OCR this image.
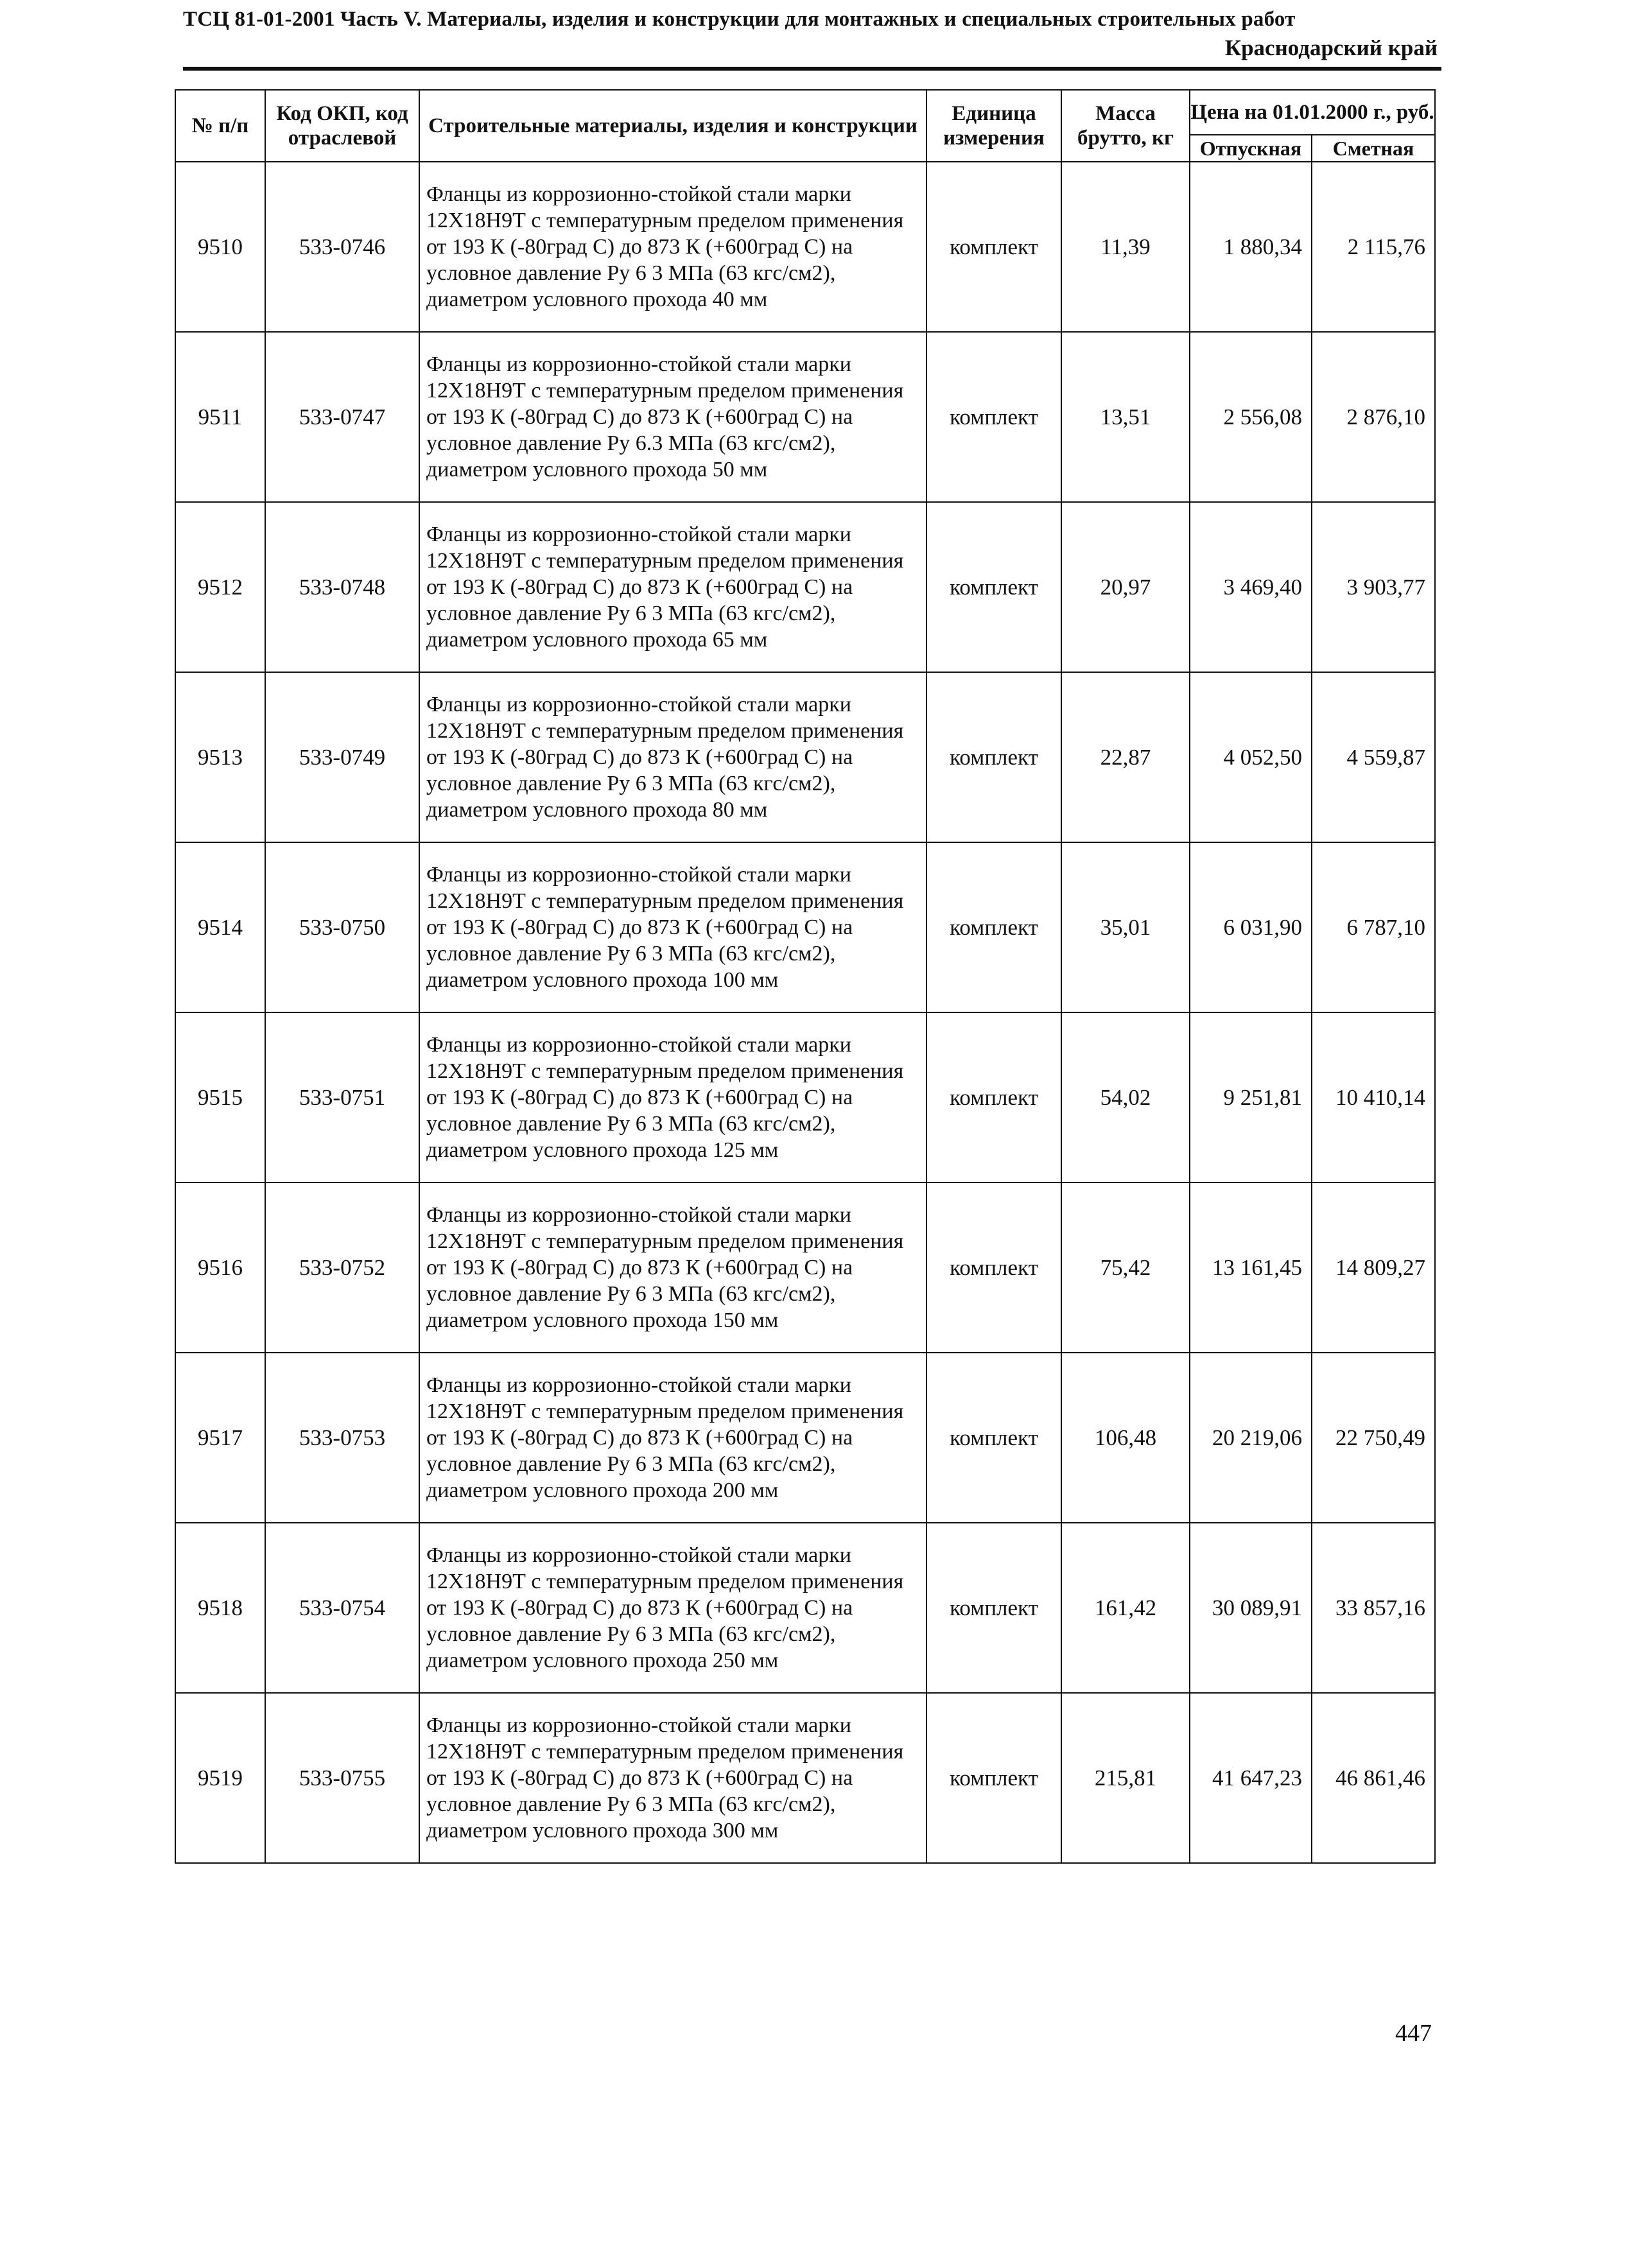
ТСЦ 81-01-2001 Часть V. Материалы, изделия и конструкции для монтажных и специальных строительных работ
Краснодарский край
№ п/п	Код ОКП, код отраслевой	Строительные материалы, изделия и конструкции	Единица измерения	Масса брутто, кг	Цена на 01.01.2000 г., руб.	
					Отпускная	Сметная
9510	533-0746	Фланцы из коррозионно-стойкой стали марки 12Х18Н9Т с температурным пределом применения от 193 К (-80град С) до 873 К (+600град С) на условное давление Ру 6 3 МПа (63 кгс/см2), диаметром условного прохода 40 мм	комплект	11,39	1 880,34	2 115,76
9511	533-0747	Фланцы из коррозионно-стойкой стали марки 12Х18Н9Т с температурным пределом применения от 193 К (-80град С) до 873 К (+600град С) на условное давление Ру 6.3 МПа (63 кгс/см2), диаметром условного прохода 50 мм	комплект	13,51	2 556,08	2 876,10
9512	533-0748	Фланцы из коррозионно-стойкой стали марки 12Х18Н9Т с температурным пределом применения от 193 К (-80град С) до 873 К (+600град С) на условное давление Ру 6 3 МПа (63 кгс/см2), диаметром условного прохода 65 мм	комплект	20,97	3 469,40	3 903,77
9513	533-0749	Фланцы из коррозионно-стойкой стали марки 12Х18Н9Т с температурным пределом применения от 193 К (-80град С) до 873 К (+600град С) на условное давление Ру 6 3 МПа (63 кгс/см2), диаметром условного прохода 80 мм	комплект	22,87	4 052,50	4 559,87
9514	533-0750	Фланцы из коррозионно-стойкой стали марки 12Х18Н9Т с температурным пределом применения от 193 К (-80град С) до 873 К (+600град С) на условное давление Ру 6 3 МПа (63 кгс/см2), диаметром условного прохода 100 мм	комплект	35,01	6 031,90	6 787,10
9515	533-0751	Фланцы из коррозионно-стойкой стали марки 12Х18Н9Т с температурным пределом применения от 193 К (-80град С) до 873 К (+600град С) на условное давление Ру 6 3 МПа (63 кгс/см2), диаметром условного прохода 125 мм	комплект	54,02	9 251,81	10 410,14
9516	533-0752	Фланцы из коррозионно-стойкой стали марки 12Х18Н9Т с температурным пределом применения от 193 К (-80град С) до 873 К (+600град С) на условное давление Ру 6 3 МПа (63 кгс/см2), диаметром условного прохода 150 мм	комплект	75,42	13 161,45	14 809,27
9517	533-0753	Фланцы из коррозионно-стойкой стали марки 12Х18Н9Т с температурным пределом применения от 193 К (-80град С) до 873 К (+600град С) на условное давление Ру 6 3 МПа (63 кгс/см2), диаметром условного прохода 200 мм	комплект	106,48	20 219,06	22 750,49
9518	533-0754	Фланцы из коррозионно-стойкой стали марки 12Х18Н9Т с температурным пределом применения от 193 К (-80град С) до 873 К (+600град С) на условное давление Ру 6 3 МПа (63 кгс/см2), диаметром условного прохода 250 мм	комплект	161,42	30 089,91	33 857,16
9519	533-0755	Фланцы из коррозионно-стойкой стали марки 12Х18Н9Т с температурным пределом применения от 193 К (-80град С) до 873 К (+600град С) на условное давление Ру 6 3 МПа (63 кгс/см2), диаметром условного прохода 300 мм	комплект	215,81	41 647,23	46 861,46
447
